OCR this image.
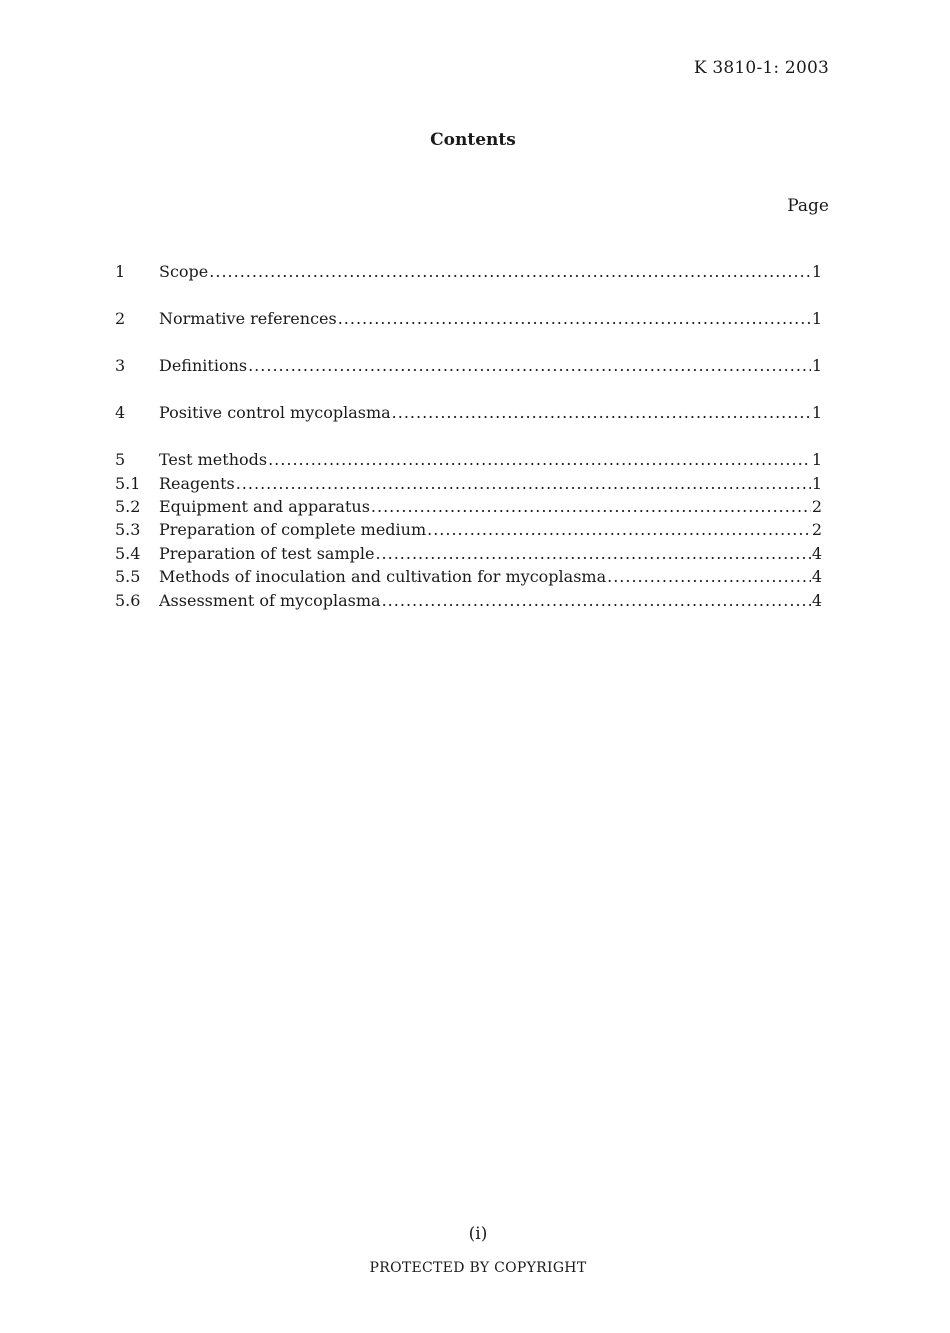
K 3810-1: 2003
Contents
Page
1	Scope .....	1
2	Normative references .....	1
3	Definitions .....	1
4	Positive control mycoplasma .....	1
5	Test methods .....	1
5.1	Reagents .....	1
5.2	Equipment and apparatus .....	2
5.3	Preparation of complete medium .....	2
5.4	Preparation of test sample .....	4
5.5	Methods of inoculation and cultivation for mycoplasma .....	4
5.6	Assessment of mycoplasma .....	4
(i)
PROTECTED BY COPYRIGHT
